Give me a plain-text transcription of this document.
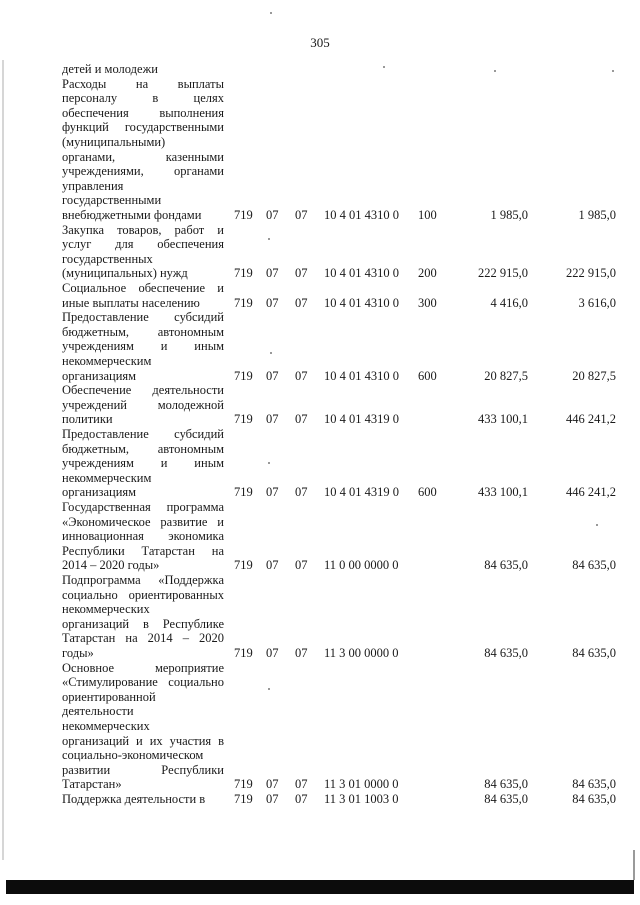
305
детей и молодежи
Расходы на выплаты
персоналу в целях
обеспечения выполнения
функций государственными
(муниципальными)
органами, казенными
учреждениями, органами
управления
государственными
внебюджетными фондами	719 07 07 10 4 01 4310 0 100	1 985,0	1 985,0
Закупка товаров, работ и
услуг для обеспечения
государственных
(муниципальных) нужд	719 07 07 10 4 01 4310 0 200	222 915,0	222 915,0
Социальное обеспечение и
иные выплаты населению	719 07 07 10 4 01 4310 0 300	4 416,0	3 616,0
Предоставление субсидий
бюджетным, автономным
учреждениям и иным
некоммерческим
организациям	719 07 07 10 4 01 4310 0 600	20 827,5	20 827,5
Обеспечение деятельности
учреждений молодежной
политики	719 07 07 10 4 01 4319 0	433 100,1	446 241,2
Предоставление субсидий
бюджетным, автономным
учреждениям и иным
некоммерческим
организациям	719 07 07 10 4 01 4319 0 600	433 100,1	446 241,2
Государственная программа
«Экономическое развитие и
инновационная экономика
Республики Татарстан на
2014 – 2020 годы»	719 07 07 11 0 00 0000 0	84 635,0	84 635,0
Подпрограмма «Поддержка
социально ориентированных
некоммерческих
организаций в Республике
Татарстан на 2014 – 2020
годы»	719 07 07 11 3 00 0000 0	84 635,0	84 635,0
Основное мероприятие
«Стимулирование социально
ориентированной
деятельности
некоммерческих
организаций и их участия в
социально-экономическом
развитии Республики
Татарстан»	719 07 07 11 3 01 0000 0	84 635,0	84 635,0
Поддержка деятельности в	719 07 07 11 3 01 1003 0	84 635,0	84 635,0
